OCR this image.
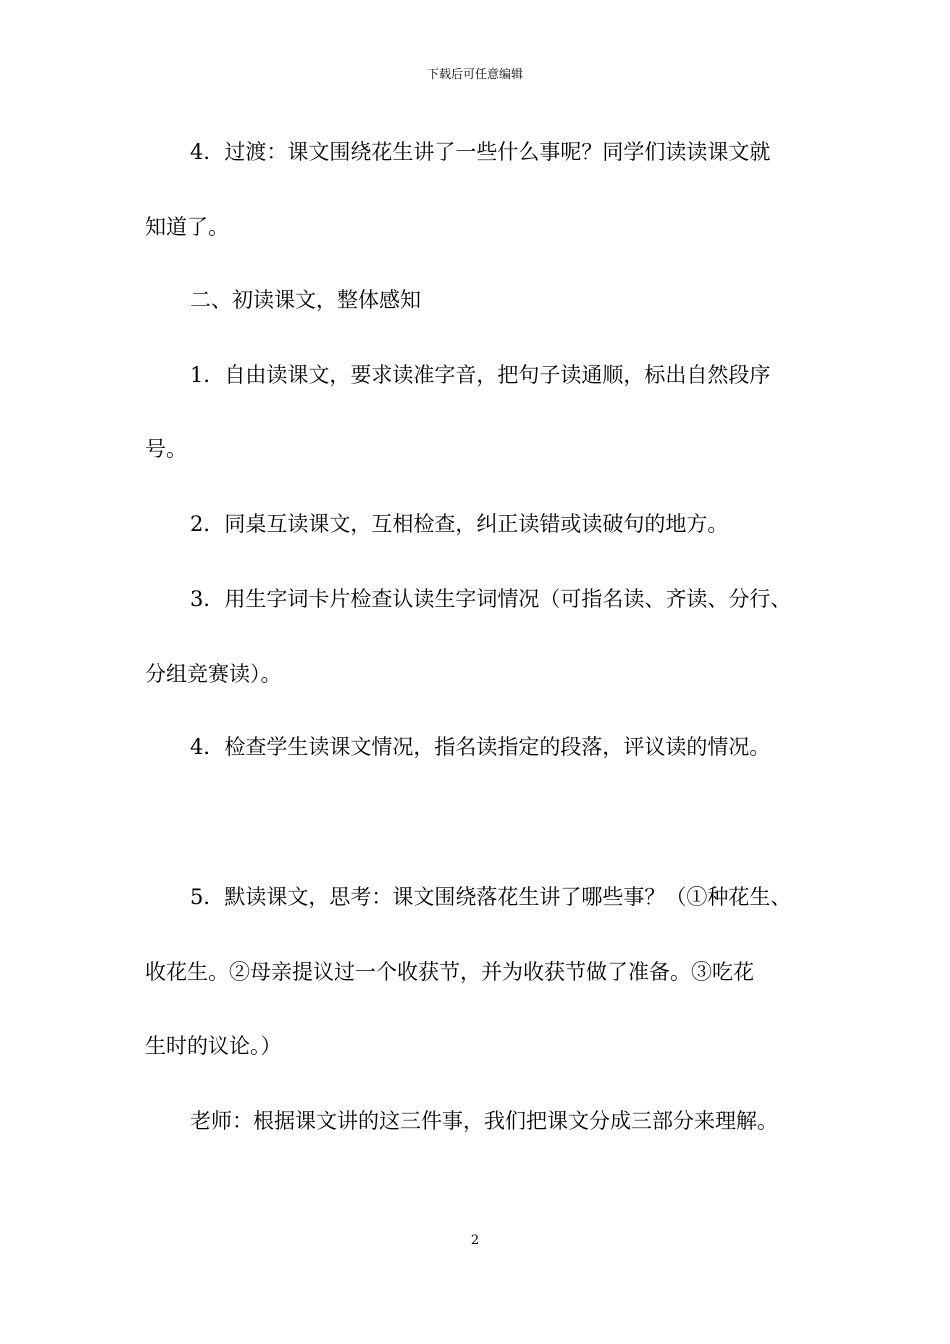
下载后可任意编辑
4．过渡：课文围绕花生讲了一些什么事呢？同学们读读课文就
知道了。
二、初读课文，整体感知
1．自由读课文，要求读准字音，把句子读通顺，标出自然段序
号。
2．同桌互读课文，互相检查，纠正读错或读破句的地方。
3．用生字词卡片检查认读生字词情况（可指名读、齐读、分行、
分组竞赛读）。
4．检查学生读课文情况，指名读指定的段落，评议读的情况。
5．默读课文，思考：课文围绕落花生讲了哪些事？（①种花生、
收花生。②母亲提议过一个收获节，并为收获节做了准备。③吃花
生时的议论。）
老师：根据课文讲的这三件事，我们把课文分成三部分来理解。
2
